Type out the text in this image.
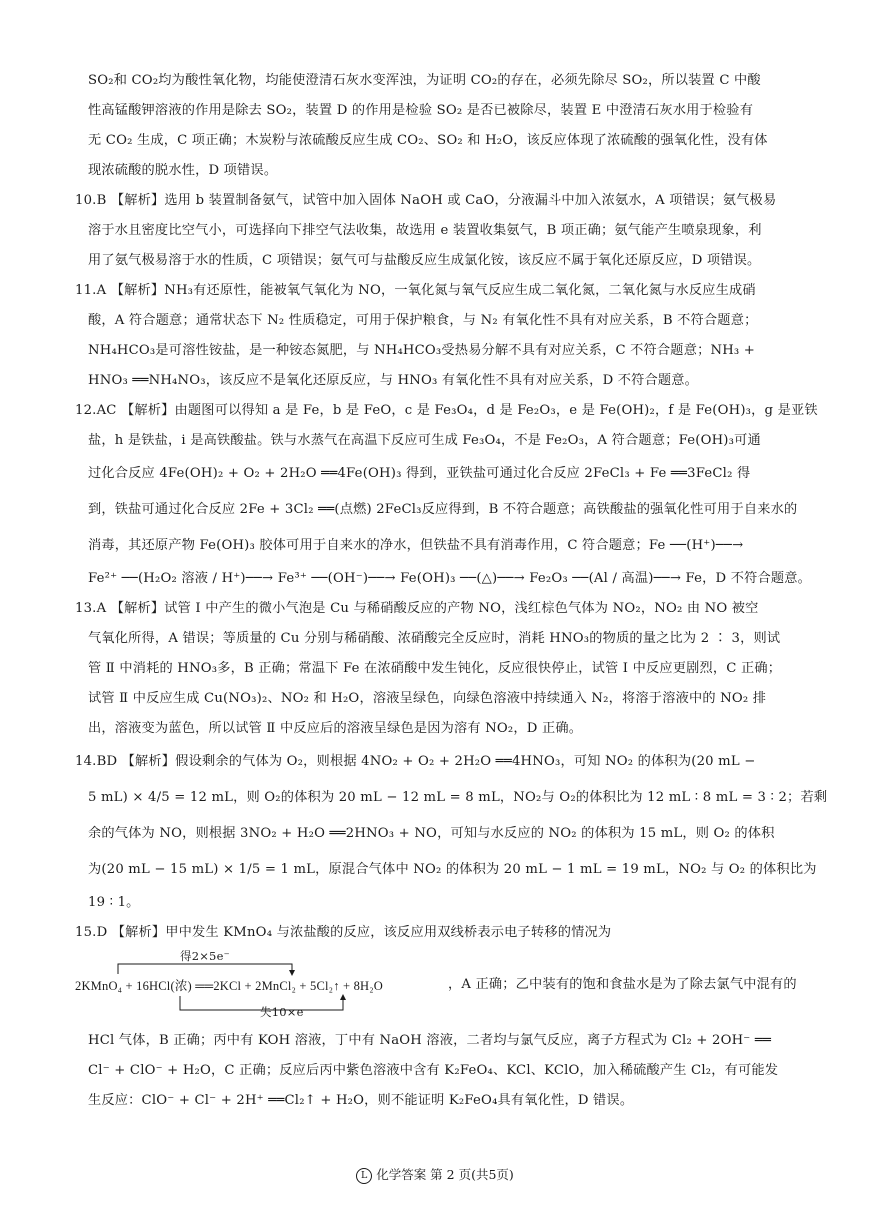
SO₂和 CO₂均为酸性氧化物，均能使澄清石灰水变浑浊，为证明 CO₂的存在，必须先除尽 SO₂，所以装置 C 中酸
性高锰酸钾溶液的作用是除去 SO₂，装置 D 的作用是检验 SO₂ 是否已被除尽，装置 E 中澄清石灰水用于检验有
无 CO₂ 生成，C 项正确；木炭粉与浓硫酸反应生成 CO₂、SO₂ 和 H₂O，该反应体现了浓硫酸的强氧化性，没有体
现浓硫酸的脱水性，D 项错误。
10.B 【解析】选用 b 装置制备氨气，试管中加入固体 NaOH 或 CaO，分液漏斗中加入浓氨水，A 项错误；氨气极易
溶于水且密度比空气小，可选择向下排空气法收集，故选用 e 装置收集氨气，B 项正确；氨气能产生喷泉现象，利
用了氨气极易溶于水的性质，C 项错误；氨气可与盐酸反应生成氯化铵，该反应不属于氧化还原反应，D 项错误。
11.A 【解析】NH₃有还原性，能被氧气氧化为 NO，一氧化氮与氧气反应生成二氧化氮，二氧化氮与水反应生成硝
酸，A 符合题意；通常状态下 N₂ 性质稳定，可用于保护粮食，与 N₂ 有氧化性不具有对应关系，B 不符合题意；
NH₄HCO₃是可溶性铵盐，是一种铵态氮肥，与 NH₄HCO₃受热易分解不具有对应关系，C 不符合题意；NH₃ +
HNO₃ ══NH₄NO₃，该反应不是氧化还原反应，与 HNO₃ 有氧化性不具有对应关系，D 不符合题意。
12.AC 【解析】由题图可以得知 a 是 Fe，b 是 FeO，c 是 Fe₃O₄，d 是 Fe₂O₃，e 是 Fe(OH)₂，f 是 Fe(OH)₃，g 是亚铁
盐，h 是铁盐，i 是高铁酸盐。铁与水蒸气在高温下反应可生成 Fe₃O₄，不是 Fe₂O₃，A 符合题意；Fe(OH)₃可通
过化合反应 4Fe(OH)₂ + O₂ + 2H₂O ══4Fe(OH)₃ 得到，亚铁盐可通过化合反应 2FeCl₃ + Fe ══3FeCl₂ 得
到，铁盐可通过化合反应 2Fe + 3Cl₂ ══(点燃) 2FeCl₃反应得到，B 不符合题意；高铁酸盐的强氧化性可用于自来水的
消毒，其还原产物 Fe(OH)₃ 胶体可用于自来水的净水，但铁盐不具有消毒作用，C 符合题意；Fe ──(H⁺)──→
Fe²⁺ ──(H₂O₂ 溶液 / H⁺)──→ Fe³⁺ ──(OH⁻)──→ Fe(OH)₃ ──(△)──→ Fe₂O₃ ──(Al / 高温)──→ Fe，D 不符合题意。
13.A 【解析】试管 Ⅰ 中产生的微小气泡是 Cu 与稀硝酸反应的产物 NO，浅红棕色气体为 NO₂，NO₂ 由 NO 被空
气氧化所得，A 错误；等质量的 Cu 分别与稀硝酸、浓硝酸完全反应时，消耗 HNO₃的物质的量之比为 2 ∶ 3，则试
管 Ⅱ 中消耗的 HNO₃多，B 正确；常温下 Fe 在浓硝酸中发生钝化，反应很快停止，试管 Ⅰ 中反应更剧烈，C 正确；
试管 Ⅱ 中反应生成 Cu(NO₃)₂、NO₂ 和 H₂O，溶液呈绿色，向绿色溶液中持续通入 N₂，将溶于溶液中的 NO₂ 排
出，溶液变为蓝色，所以试管 Ⅱ 中反应后的溶液呈绿色是因为溶有 NO₂，D 正确。
14.BD 【解析】假设剩余的气体为 O₂，则根据 4NO₂ + O₂ + 2H₂O ══4HNO₃，可知 NO₂ 的体积为(20 mL −
5 mL) × 4/5 = 12 mL，则 O₂的体积为 20 mL − 12 mL = 8 mL，NO₂与 O₂的体积比为 12 mL ∶ 8 mL = 3 ∶ 2；若剩
余的气体为 NO，则根据 3NO₂ + H₂O ══2HNO₃ + NO，可知与水反应的 NO₂ 的体积为 15 mL，则 O₂ 的体积
为(20 mL − 15 mL) × 1/5 = 1 mL，原混合气体中 NO₂ 的体积为 20 mL − 1 mL = 19 mL，NO₂ 与 O₂ 的体积比为
19 ∶ 1。
15.D 【解析】甲中发生 KMnO₄ 与浓盐酸的反应，该反应用双线桥表示电子转移的情况为
得2×5e⁻
2KMnO₄ + 16HCl(浓) ══2KCl + 2MnCl₂ + 5Cl₂↑ + 8H₂O	，A 正确；乙中装有的饱和食盐水是为了除去氯气中混有的
失10×e⁻
HCl 气体，B 正确；丙中有 KOH 溶液，丁中有 NaOH 溶液，二者均与氯气反应，离子方程式为 Cl₂ + 2OH⁻ ══
Cl⁻ + ClO⁻ + H₂O，C 正确；反应后丙中紫色溶液中含有 K₂FeO₄、KCl、KClO，加入稀硫酸产生 Cl₂，有可能发
生反应：ClO⁻ + Cl⁻ + 2H⁺ ══Cl₂↑ + H₂O，则不能证明 K₂FeO₄具有氧化性，D 错误。
L 化学答案 第 2 页(共5页)
